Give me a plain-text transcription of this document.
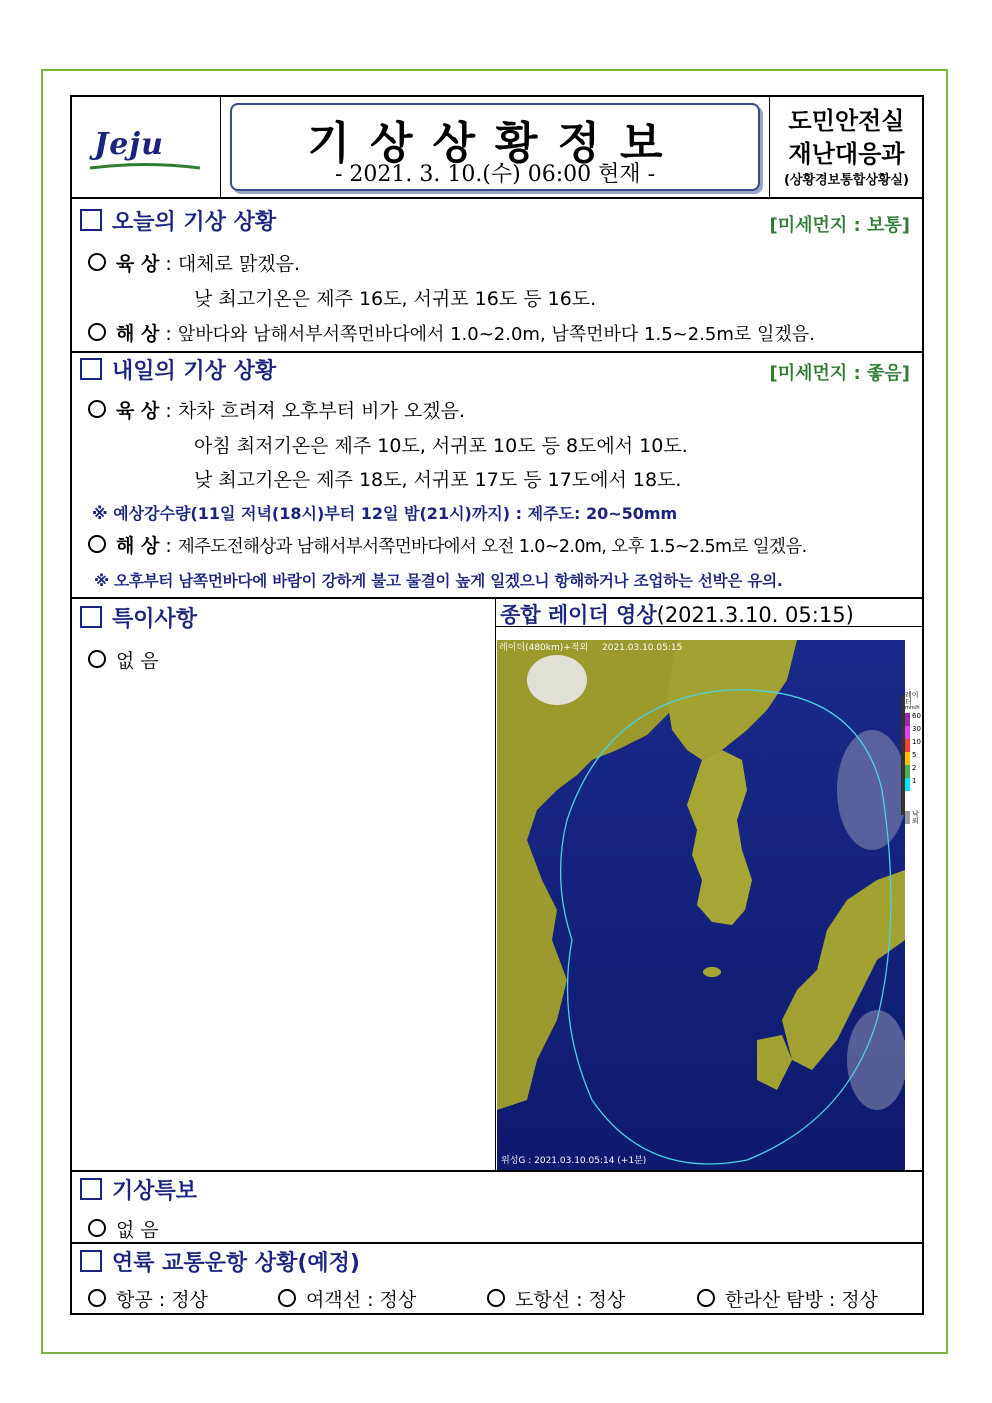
Jeju	기상상황정보
- 2021. 3. 10.(수) 06:00 현재 -
도민안전실
재난대응과
(상황경보통합상황실)
오늘의 기상 상황	[미세먼지 : 보통]
육 상 : 대체로 맑겠음.
낮 최고기온은 제주 16도, 서귀포 16도 등 16도.
해 상 : 앞바다와 남해서부서쪽먼바다에서 1.0~2.0m, 남쪽먼바다 1.5~2.5m로 일겠음.
내일의 기상 상황	[미세먼지 : 좋음]
육 상 : 차차 흐려져 오후부터 비가 오겠음.
아침 최저기온은 제주 10도, 서귀포 10도 등 8도에서 10도.
낮 최고기온은 제주 18도, 서귀포 17도 등 17도에서 18도.
※ 예상강수량(11일 저녁(18시)부터 12일 밤(21시)까지) : 제주도: 20~50mm
해 상 : 제주도전해상과 남해서부서쪽먼바다에서 오전 1.0~2.0m, 오후 1.5~2.5m로 일겠음.
※ 오후부터 남쪽먼바다에 바람이 강하게 불고 물결이 높게 일겠으니 항해하거나 조업하는 선박은 유의.
특이사항
없 음
종합 레이더 영상(2021.3.10. 05:15)
레이더(480km)+적외 2021.03.10.05:15
위성G : 2021.03.10.05:14 (+1분)
기상특보
없 음
연륙 교통운항 상황(예정)
항공 : 정상	여객선 : 정상	도항선 : 정상	한라산 탐방 : 정상
레이더
mm/h
60
30
10
5
2
1
낙뢰
